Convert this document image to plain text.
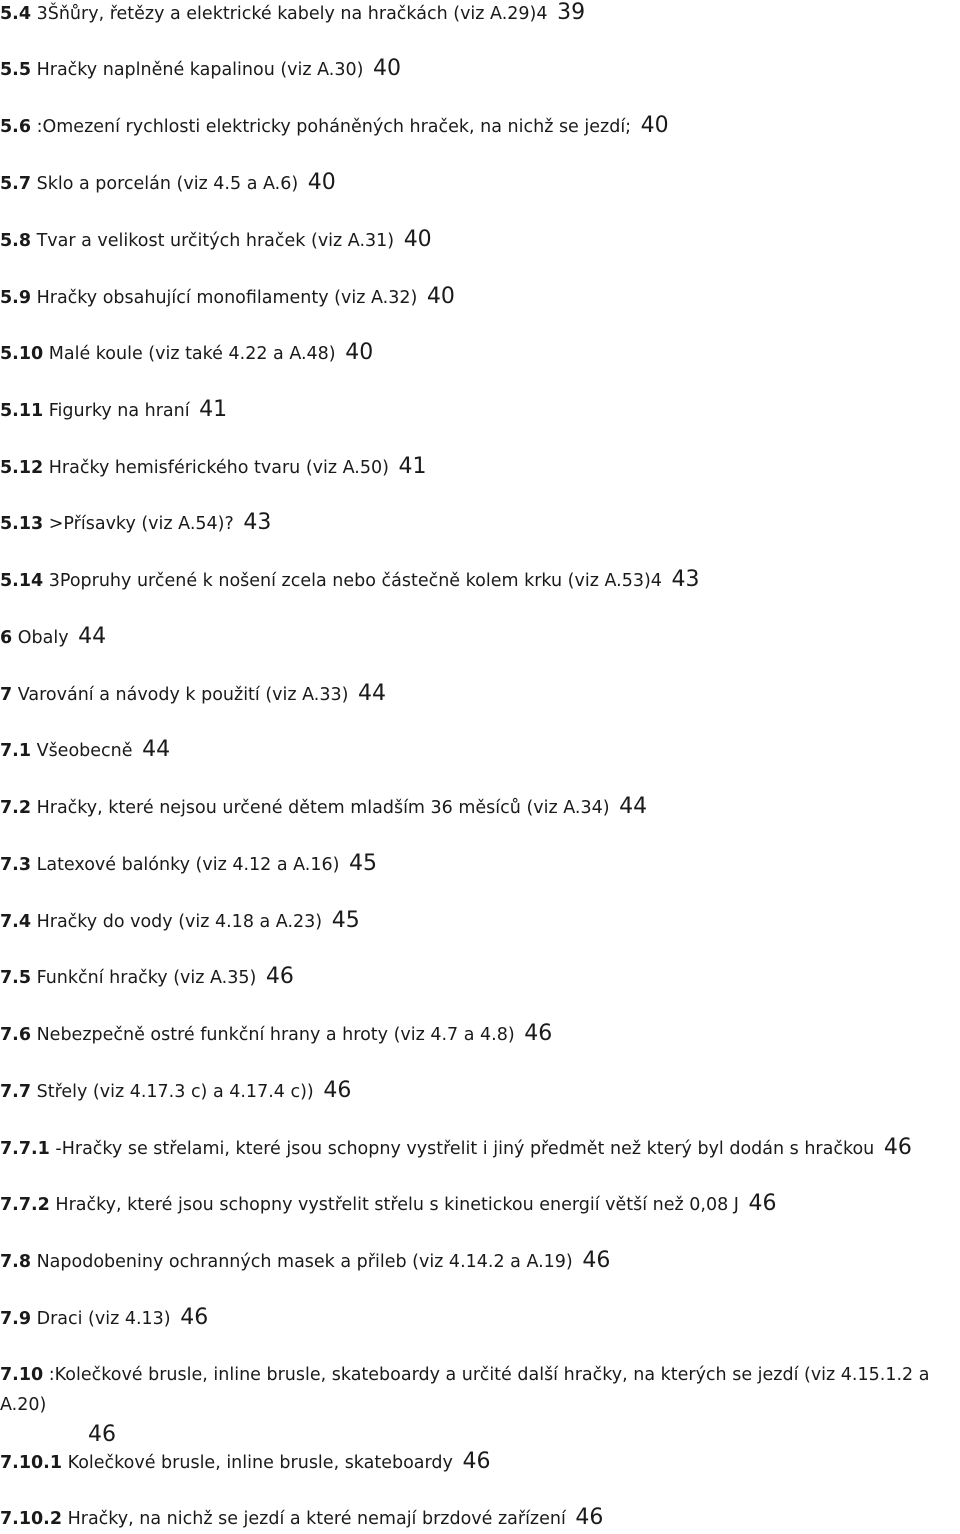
5.4 3Šňůry, řetězy a elektrické kabely na hračkách (viz A.29)4 39
5.5 Hračky naplněné kapalinou (viz A.30) 40
5.6 :Omezení rychlosti elektricky poháněných hraček, na nichž se jezdí; 40
5.7 Sklo a porcelán (viz 4.5 a A.6) 40
5.8 Tvar a velikost určitých hraček (viz A.31) 40
5.9 Hračky obsahující monofilamenty (viz A.32) 40
5.10 Malé koule (viz také 4.22 a A.48) 40
5.11 Figurky na hraní 41
5.12 Hračky hemisférického tvaru (viz A.50) 41
5.13 >Přísavky (viz A.54)? 43
5.14 3Popruhy určené k nošení zcela nebo částečně kolem krku (viz A.53)4 43
6 Obaly 44
7 Varování a návody k použití (viz A.33) 44
7.1 Všeobecně 44
7.2 Hračky, které nejsou určené dětem mladším 36 měsíců (viz A.34) 44
7.3 Latexové balónky (viz 4.12 a A.16) 45
7.4 Hračky do vody (viz 4.18 a A.23) 45
7.5 Funkční hračky (viz A.35) 46
7.6 Nebezpečně ostré funkční hrany a hroty (viz 4.7 a 4.8) 46
7.7 Střely (viz 4.17.3 c) a 4.17.4 c)) 46
7.7.1 -Hračky se střelami, které jsou schopny vystřelit i jiný předmět než který byl dodán s hračkou 46
7.7.2 Hračky, které jsou schopny vystřelit střelu s kinetickou energií větší než 0,08 J 46
7.8 Napodobeniny ochranných masek a přileb (viz 4.14.2 a A.19) 46
7.9 Draci (viz 4.13) 46
7.10 :Kolečkové brusle, inline brusle, skateboardy a určité další hračky, na kterých se jezdí (viz 4.15.1.2 a A.20)
46
7.10.1 Kolečkové brusle, inline brusle, skateboardy 46
7.10.2 Hračky, na nichž se jezdí a které nemají brzdové zařízení 46
